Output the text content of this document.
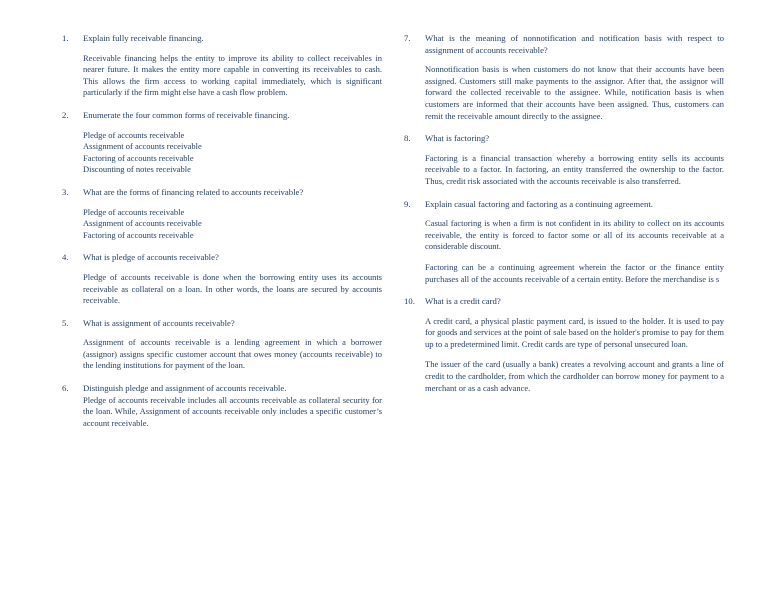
1. Explain fully receivable financing.

Receivable financing helps the entity to improve its ability to collect receivables in nearer future. It makes the entity more capable in converting its receivables to cash. This allows the firm access to working capital immediately, which is significant particularly if the firm might else have a cash flow problem.

2. Enumerate the four common forms of receivable financing.

Pledge of accounts receivable
Assignment of accounts receivable
Factoring of accounts receivable
Discounting of notes receivable
3. What are the forms of financing related to accounts receivable?

Pledge of accounts receivable
Assignment of accounts receivable
Factoring of accounts receivable
4. What is pledge of accounts receivable?

Pledge of accounts receivable is done when the borrowing entity uses its accounts receivable as collateral on a loan. In other words, the loans are secured by accounts receivable.

5. What is assignment of accounts receivable?

Assignment of accounts receivable is a lending agreement in which a borrower (assignor) assigns specific customer account that owes money (accounts receivable) to the lending institutions for payment of the loan.

6. Distinguish pledge and assignment of accounts receivable.

Pledge of accounts receivable includes all accounts receivable as collateral security for the loan. While, Assignment of accounts receivable only includes a specific customer’s account receivable.

7. What is the meaning of nonnotification and notification basis with respect to assignment of accounts receivable?

Nonnotification basis is when customers do not know that their accounts have been assigned. Customers still make payments to the assignor. After that, the assignor will forward the collected receivable to the assignee. While, notification basis is when customers are informed that their accounts have been assigned. Thus, customers can remit the receivable amount directly to the assignee.

8. What is factoring?

Factoring is a financial transaction whereby a borrowing entity sells its accounts receivable to a factor. In factoring, an entity transferred the ownership to the factor. Thus, credit risk associated with the accounts receivable is also transferred.

9. Explain casual factoring and factoring as a continuing agreement.

Casual factoring is when a firm is not confident in its ability to collect on its accounts receivable, the entity is forced to factor some or all of its accounts receivable at a considerable discount.

Factoring can be a continuing agreement wherein the factor or the finance entity purchases all of the accounts receivable of a certain entity. Before the merchandise is s

10. What is a credit card?

A credit card, a physical plastic payment card, is issued to the holder. It is used to pay for goods and services at the point of sale based on the holder's promise to pay for them up to a predetermined limit. Credit cards are type of personal unsecured loan.

The issuer of the card (usually a bank) creates a revolving account and grants a line of credit to the cardholder, from which the cardholder can borrow money for payment to a merchant or as a cash advance.
